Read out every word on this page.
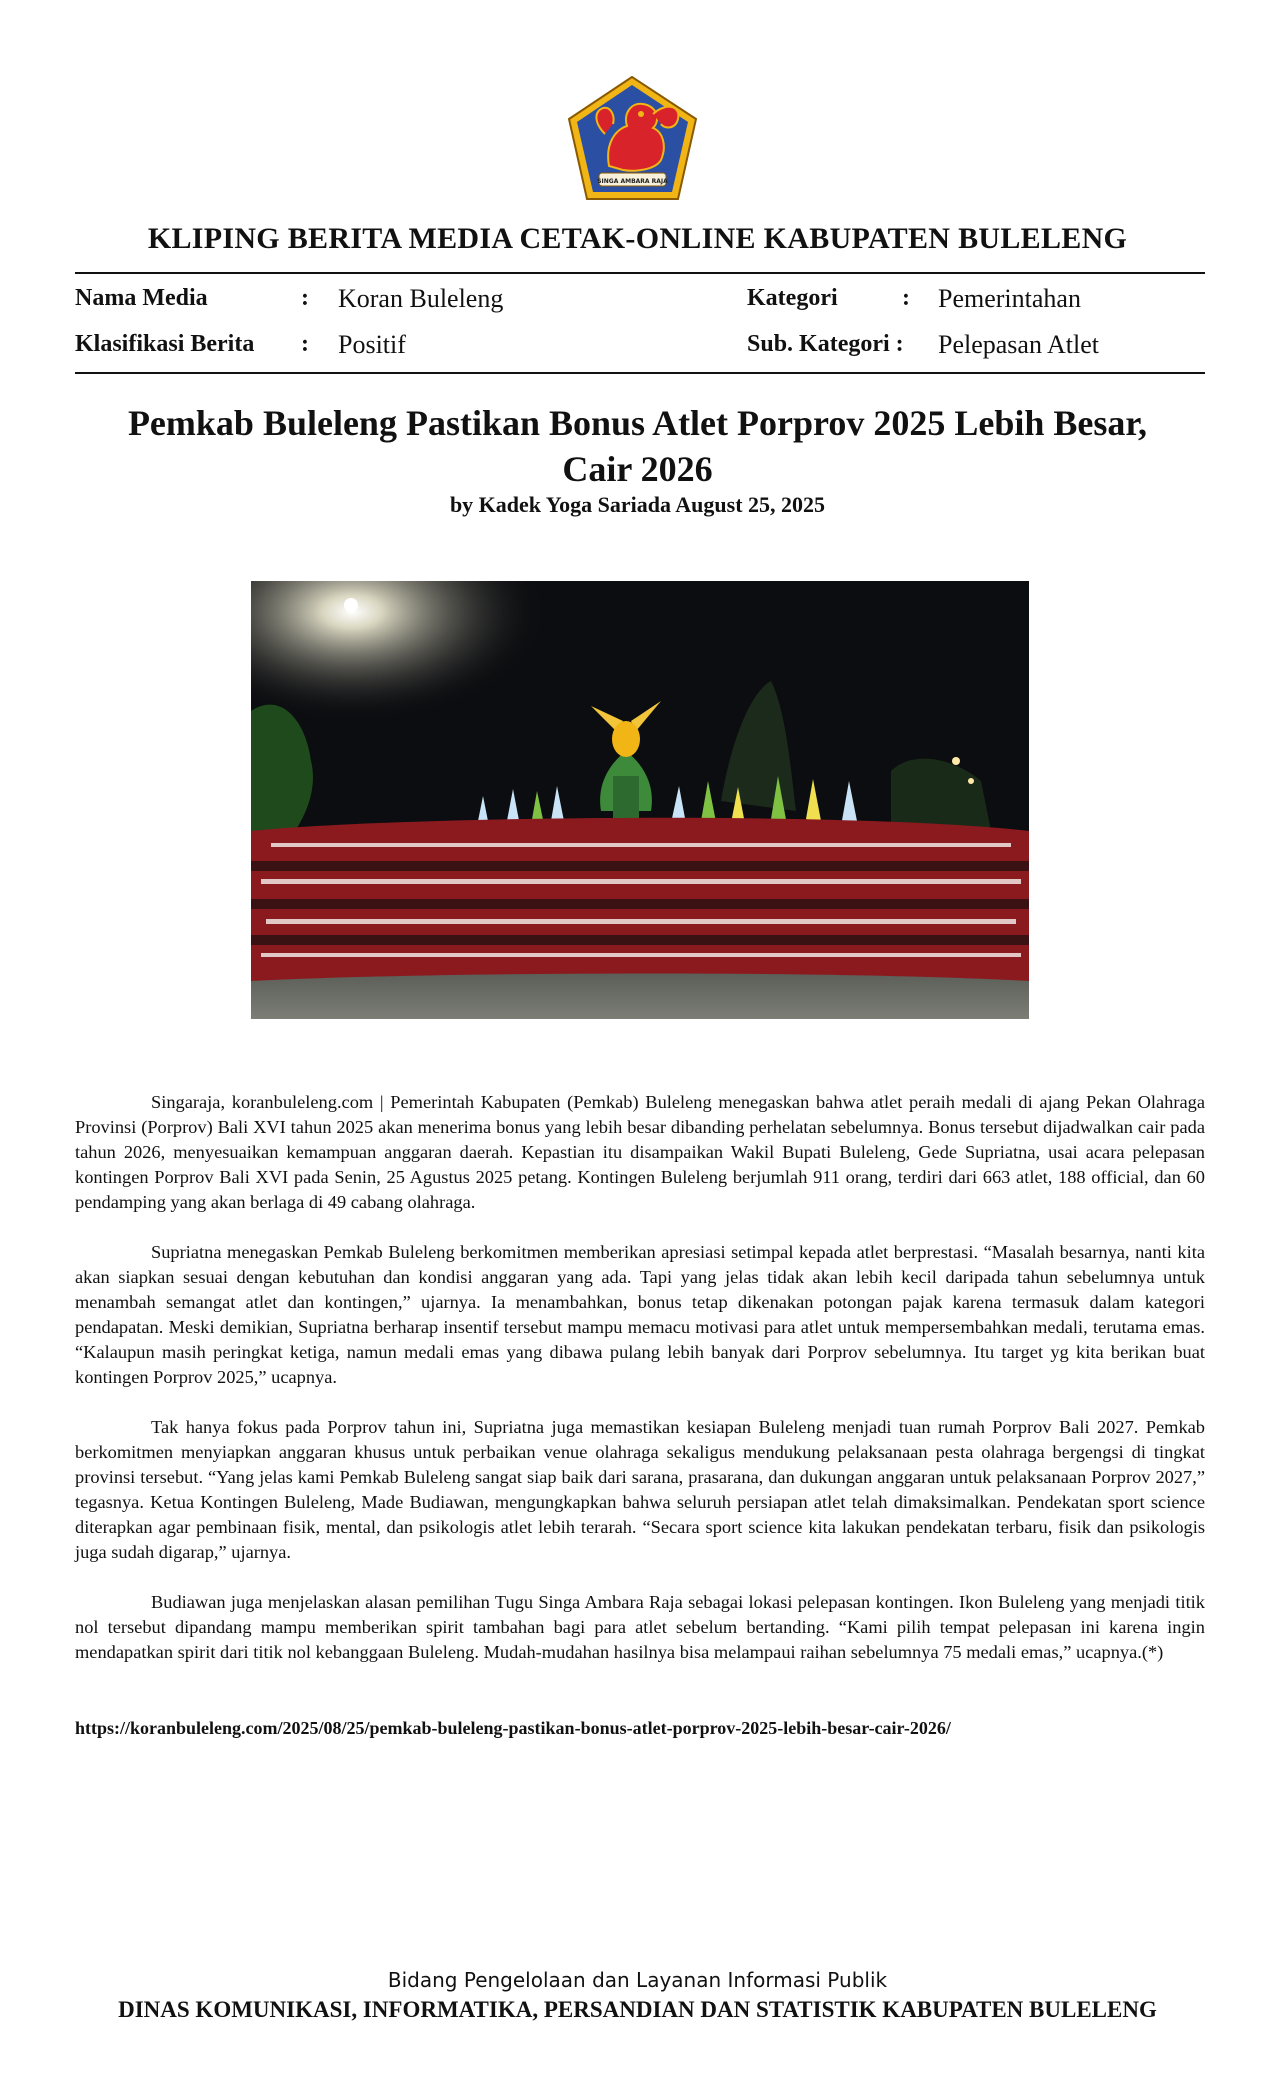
SINGA AMBARA RAJA
KLIPING BERITA MEDIA CETAK-ONLINE KABUPATEN BULELENG
Nama Media	: Koran Buleleng
Klasifikasi Berita : Positif
Kategori	: Pemerintahan
Sub. Kategori : Pelepasan Atlet
Pemkab Buleleng Pastikan Bonus Atlet Porprov 2025 Lebih Besar, Cair 2026
by Kadek Yoga Sariada August 25, 2025

Singaraja, koranbuleleng.com | Pemerintah Kabupaten (Pemkab) Buleleng menegaskan bahwa atlet peraih medali di ajang Pekan Olahraga Provinsi (Porprov) Bali XVI tahun 2025 akan menerima bonus yang lebih besar dibanding perhelatan sebelumnya. Bonus tersebut dijadwalkan cair pada tahun 2026, menyesuaikan kemampuan anggaran daerah. Kepastian itu disampaikan Wakil Bupati Buleleng, Gede Supriatna, usai acara pelepasan kontingen Porprov Bali XVI pada Senin, 25 Agustus 2025 petang. Kontingen Buleleng berjumlah 911 orang, terdiri dari 663 atlet, 188 official, dan 60 pendamping yang akan berlaga di 49 cabang olahraga.

Supriatna menegaskan Pemkab Buleleng berkomitmen memberikan apresiasi setimpal kepada atlet berprestasi. “Masalah besarnya, nanti kita akan siapkan sesuai dengan kebutuhan dan kondisi anggaran yang ada. Tapi yang jelas tidak akan lebih kecil daripada tahun sebelumnya untuk menambah semangat atlet dan kontingen,” ujarnya. Ia menambahkan, bonus tetap dikenakan potongan pajak karena termasuk dalam kategori pendapatan. Meski demikian, Supriatna berharap insentif tersebut mampu memacu motivasi para atlet untuk mempersembahkan medali, terutama emas. “Kalaupun masih peringkat ketiga, namun medali emas yang dibawa pulang lebih banyak dari Porprov sebelumnya. Itu target yg kita berikan buat kontingen Porprov 2025,” ucapnya.

Tak hanya fokus pada Porprov tahun ini, Supriatna juga memastikan kesiapan Buleleng menjadi tuan rumah Porprov Bali 2027. Pemkab berkomitmen menyiapkan anggaran khusus untuk perbaikan venue olahraga sekaligus mendukung pelaksanaan pesta olahraga bergengsi di tingkat provinsi tersebut. “Yang jelas kami Pemkab Buleleng sangat siap baik dari sarana, prasarana, dan dukungan anggaran untuk pelaksanaan Porprov 2027,” tegasnya. Ketua Kontingen Buleleng, Made Budiawan, mengungkapkan bahwa seluruh persiapan atlet telah dimaksimalkan. Pendekatan sport science diterapkan agar pembinaan fisik, mental, dan psikologis atlet lebih terarah. “Secara sport science kita lakukan pendekatan terbaru, fisik dan psikologis juga sudah digarap,” ujarnya.

Budiawan juga menjelaskan alasan pemilihan Tugu Singa Ambara Raja sebagai lokasi pelepasan kontingen. Ikon Buleleng yang menjadi titik nol tersebut dipandang mampu memberikan spirit tambahan bagi para atlet sebelum bertanding. “Kami pilih tempat pelepasan ini karena ingin mendapatkan spirit dari titik nol kebanggaan Buleleng. Mudah-mudahan hasilnya bisa melampaui raihan sebelumnya 75 medali emas,” ucapnya.(*)

https://koranbuleleng.com/2025/08/25/pemkab-buleleng-pastikan-bonus-atlet-porprov-2025-lebih-besar-cair-2026/
Bidang Pengelolaan dan Layanan Informasi Publik
DINAS KOMUNIKASI, INFORMATIKA, PERSANDIAN DAN STATISTIK KABUPATEN BULELENG
